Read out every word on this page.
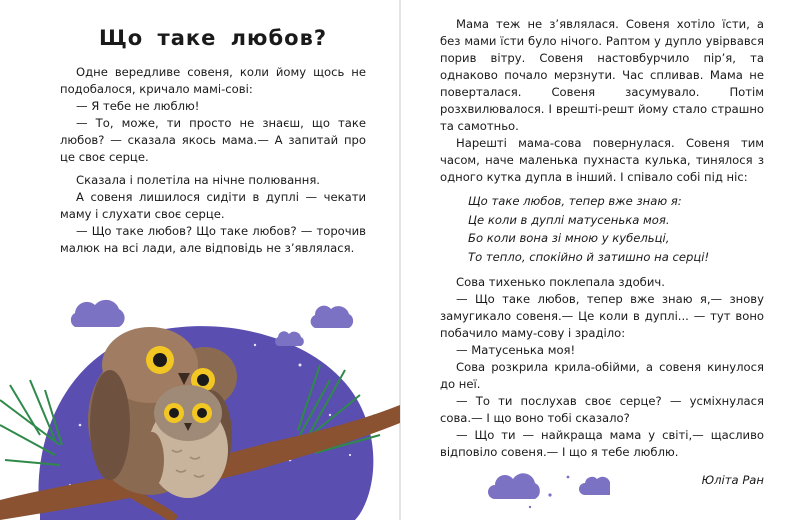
Що таке любов?

Одне вередливе совеня, коли йому щось не подобалося, кричало мамі-сові:

— Я тебе не люблю!

— То, може, ти просто не знаєш, що таке любов? — сказала якось мама.— А запитай про це своє серце.

Сказала і полетіла на нічне полювання.

А совеня лишилося сидіти в дуплі — чекати маму і слухати своє серце.

— Що таке любов? Що таке любов? — торочив малюк на всі лади, але відповідь не з’являлася.

Мама теж не з’являлася. Совеня хотіло їсти, а без мами їсти було нічого. Раптом у дупло увірвався порив вітру. Совеня настовбурчило пір’я, та однаково почало мерзнути. Час спливав. Мама не поверталася. Совеня засумувало. Потім розхвилювалося. І врешті-решт йому стало страшно та самотньо.

Нарешті мама-сова повернулася. Совеня тим часом, наче маленька пухнаста кулька, тинялося з одного кутка дупла в інший. І співало собі під ніс:

Що таке любов, тепер вже знаю я:
Це коли в дуплі матусенька моя.
Бо коли вона зі мною у кубельці,
То тепло, спокійно й затишно на серці!

Сова тихенько поклепала здобич.

— Що таке любов, тепер вже знаю я,— знову замугикало совеня.— Це коли в дуплі... — тут воно побачило маму-сову і зраділо:

— Матусенька моя!

Сова розкрила крила-обійми, а совеня кинулося до неї.

— То ти послухав своє серце? — усміхнулася сова.— І що воно тобі сказало?

— Що ти — найкраща мама у світі,— щасливо відповіло совеня.— І що я тебе люблю.

Юліта Ран
